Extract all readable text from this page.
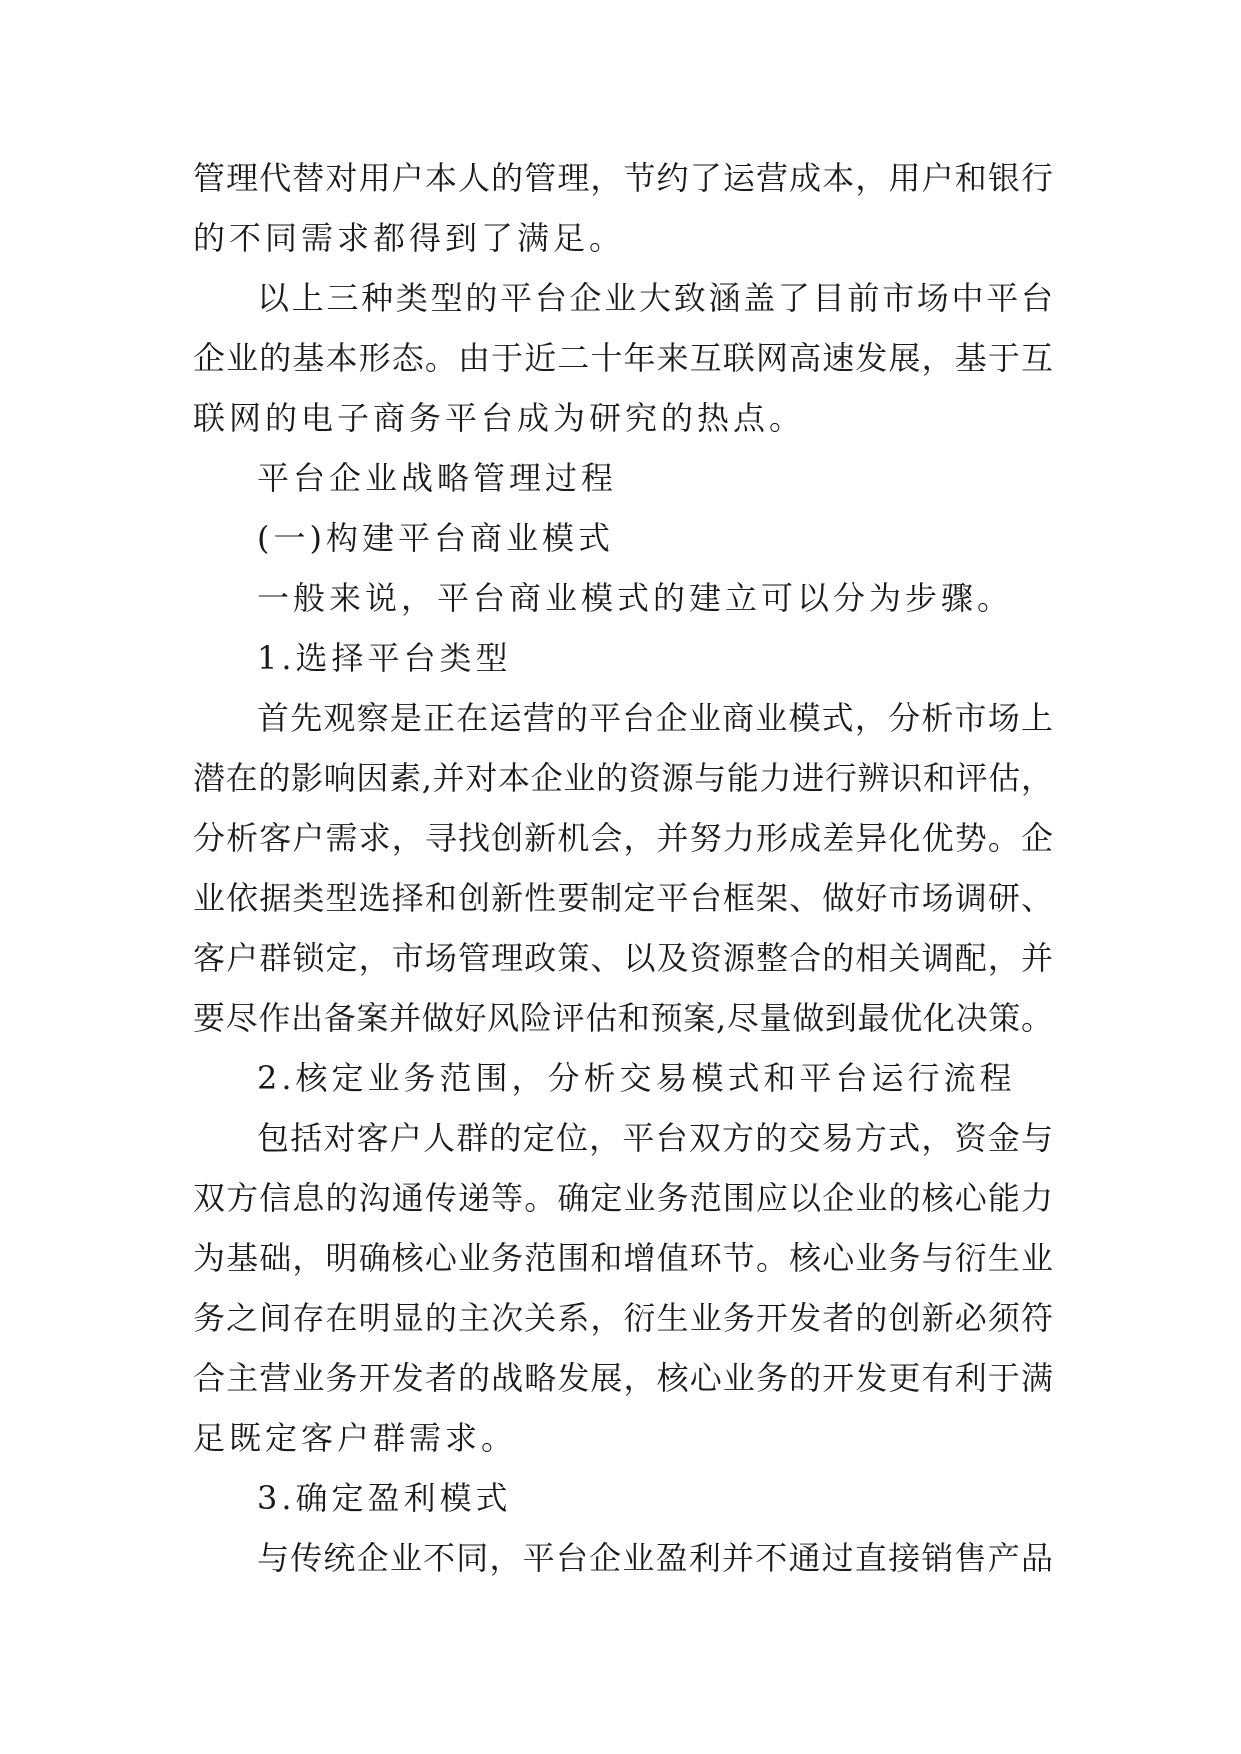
管理代替对用户本人的管理，节约了运营成本，用户和银行
的不同需求都得到了满足。
以上三种类型的平台企业大致涵盖了目前市场中平台
企业的基本形态。由于近二十年来互联网高速发展，基于互
联网的电子商务平台成为研究的热点。
平台企业战略管理过程
(一)构建平台商业模式
一般来说，平台商业模式的建立可以分为步骤。
1.选择平台类型
首先观察是正在运营的平台企业商业模式，分析市场上
潜在的影响因素,并对本企业的资源与能力进行辨识和评估，
分析客户需求，寻找创新机会，并努力形成差异化优势。企
业依据类型选择和创新性要制定平台框架、做好市场调研、
客户群锁定，市场管理政策、以及资源整合的相关调配，并
要尽作出备案并做好风险评估和预案,尽量做到最优化决策。
2.核定业务范围，分析交易模式和平台运行流程
包括对客户人群的定位，平台双方的交易方式，资金与
双方信息的沟通传递等。确定业务范围应以企业的核心能力
为基础，明确核心业务范围和增值环节。核心业务与衍生业
务之间存在明显的主次关系，衍生业务开发者的创新必须符
合主营业务开发者的战略发展，核心业务的开发更有利于满
足既定客户群需求。
3.确定盈利模式
与传统企业不同，平台企业盈利并不通过直接销售产品
